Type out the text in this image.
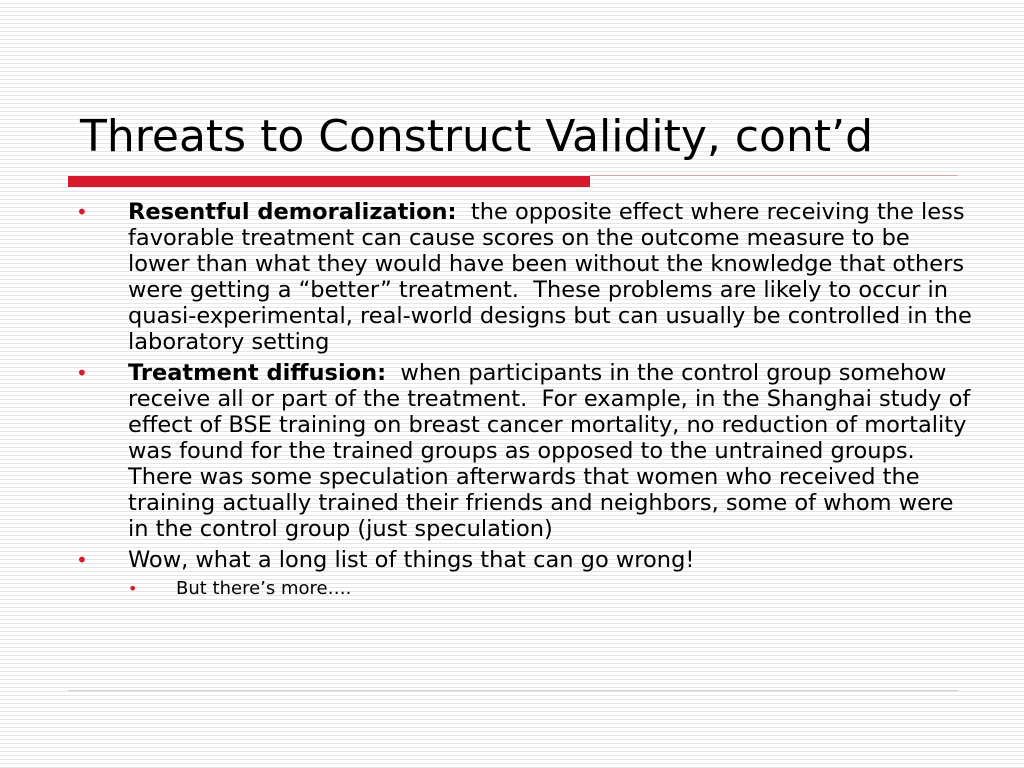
Threats to Construct Validity, cont’d
• Resentful demoralization:  the opposite effect where receiving the less favorable treatment can cause scores on the outcome measure to be lower than what they would have been without the knowledge that others were getting a “better” treatment.  These problems are likely to occur in quasi-experimental, real-world designs but can usually be controlled in the laboratory setting
• Treatment diffusion:  when participants in the control group somehow receive all or part of the treatment.  For example, in the Shanghai study of effect of BSE training on breast cancer mortality, no reduction of mortality was found for the trained groups as opposed to the untrained groups.  There was some speculation afterwards that women who received the training actually trained their friends and neighbors, some of whom were in the control group (just speculation)
• Wow, what a long list of things that can go wrong!
• But there’s more….
